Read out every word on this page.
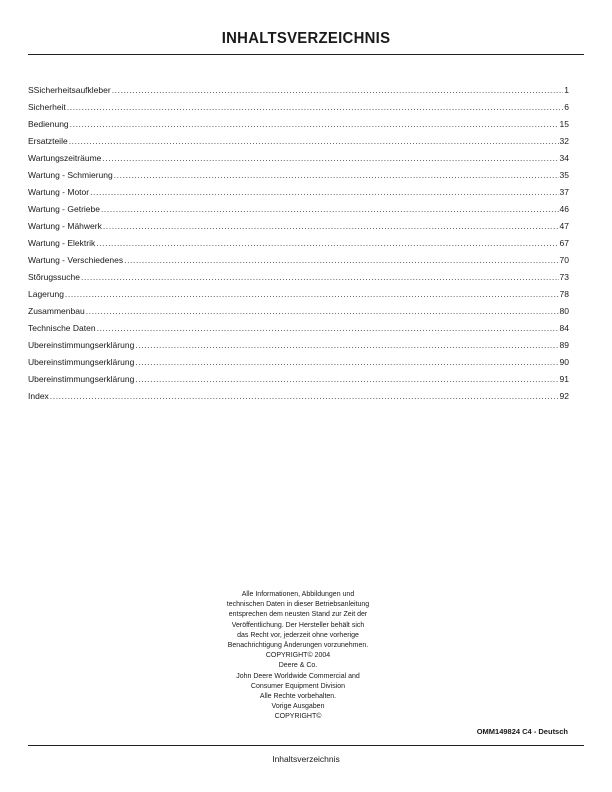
INHALTSVERZEICHNIS
SSicherheitsaufkleber .....	1
Sicherheit .....	6
Bedienung .....	15
Ersatzteile .....	32
Wartungszeiträume .....	34
Wartung - Schmierung .....	35
Wartung - Motor .....	37
Wartung - Getriebe .....	46
Wartung - Mähwerk .....	47
Wartung - Elektrik .....	67
Wartung - Verschiedenes .....	70
Stõrugssuche .....	73
Lagerung .....	78
Zusammenbau .....	80
Technische Daten .....	84
Ubereinstimmungserklärung .....	89
Ubereinstimmungserklärung .....	90
Ubereinstimmungserklärung .....	91
Index .....	92
Alle Informationen, Abbildungen und
technischen Daten in dieser Betriebsanleitung
entsprechen dem neusten Stand zur Zeit der
Veröffentlichung. Der Hersteller behält sich
das Recht vor, jederzeit ohne vorherige
Benachrichtigung Änderungen vorzunehmen.
COPYRIGHT© 2004
Deere & Co.
John Deere Worldwide Commercial and
Consumer Equipment Division
Alle Rechte vorbehalten.
Vorige Ausgaben
COPYRIGHT©
OMM149824 C4 - Deutsch
Inhaltsverzeichnis
